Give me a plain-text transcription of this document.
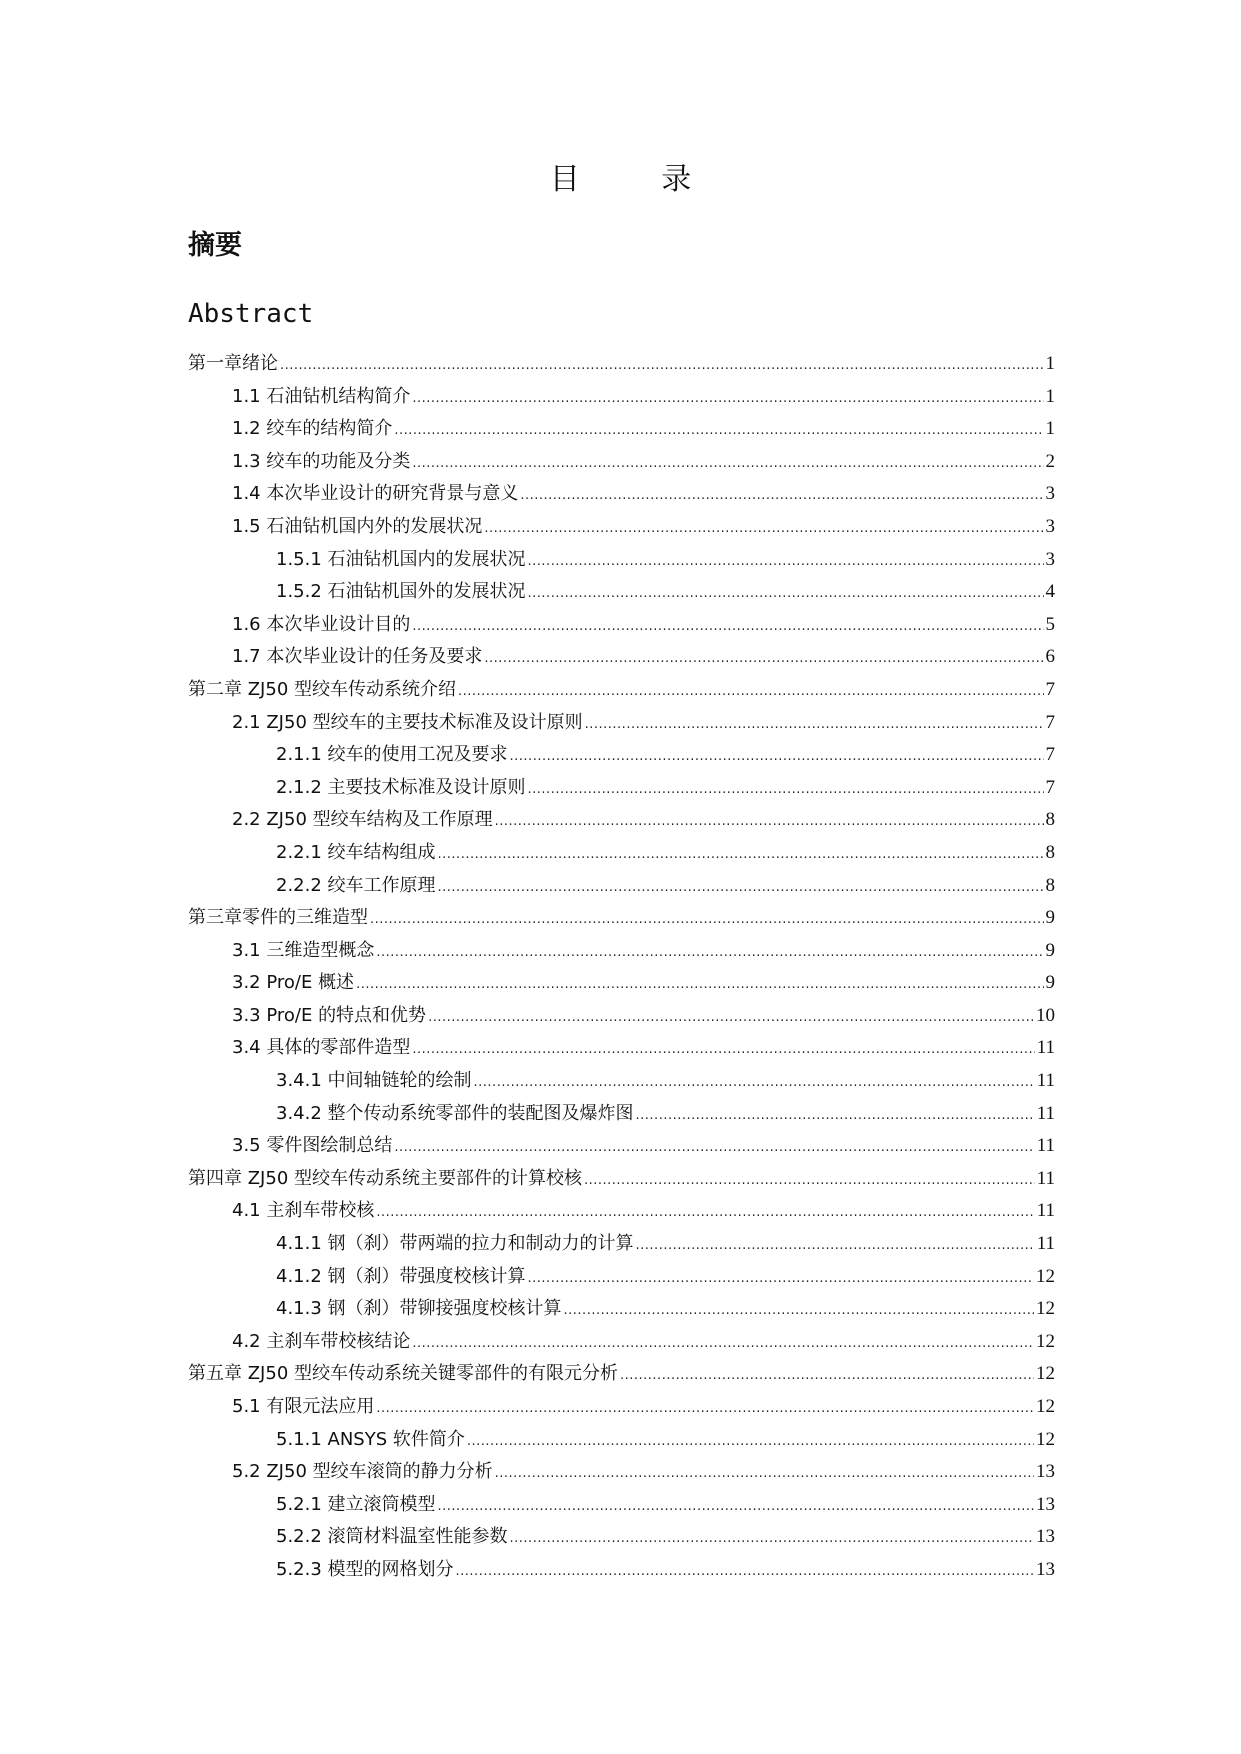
目 录
摘要
Abstract
第一章绪论 .....	1
1.1 石油钻机结构简介 .....	1
1.2 绞车的结构简介 .....	1
1.3 绞车的功能及分类 .....	2
1.4 本次毕业设计的研究背景与意义 .....	3
1.5 石油钻机国内外的发展状况 .....	3
1.5.1 石油钻机国内的发展状况 .....	3
1.5.2 石油钻机国外的发展状况 .....	4
1.6 本次毕业设计目的 .....	5
1.7 本次毕业设计的任务及要求 .....	6
第二章 ZJ50 型绞车传动系统介绍 .....	7
2.1 ZJ50 型绞车的主要技术标准及设计原则 .....	7
2.1.1 绞车的使用工况及要求 .....	7
2.1.2 主要技术标准及设计原则 .....	7
2.2 ZJ50 型绞车结构及工作原理 .....	8
2.2.1 绞车结构组成 .....	8
2.2.2 绞车工作原理 .....	8
第三章零件的三维造型 .....	9
3.1 三维造型概念 .....	9
3.2 Pro/E 概述 .....	9
3.3 Pro/E 的特点和优势 .....	10
3.4 具体的零部件造型 .....	11
3.4.1 中间轴链轮的绘制 .....	11
3.4.2 整个传动系统零部件的装配图及爆炸图 .....	11
3.5 零件图绘制总结 .....	11
第四章 ZJ50 型绞车传动系统主要部件的计算校核 .....	11
4.1 主刹车带校核 .....	11
4.1.1 钢（刹）带两端的拉力和制动力的计算 .....	11
4.1.2 钢（刹）带强度校核计算 .....	12
4.1.3 钢（刹）带铆接强度校核计算 .....	12
4.2 主刹车带校核结论 .....	12
第五章 ZJ50 型绞车传动系统关键零部件的有限元分析 .....	12
5.1 有限元法应用 .....	12
5.1.1 ANSYS 软件简介 .....	12
5.2 ZJ50 型绞车滚筒的静力分析 .....	13
5.2.1 建立滚筒模型 .....	13
5.2.2 滚筒材料温室性能参数 .....	13
5.2.3 模型的网格划分 .....	13
